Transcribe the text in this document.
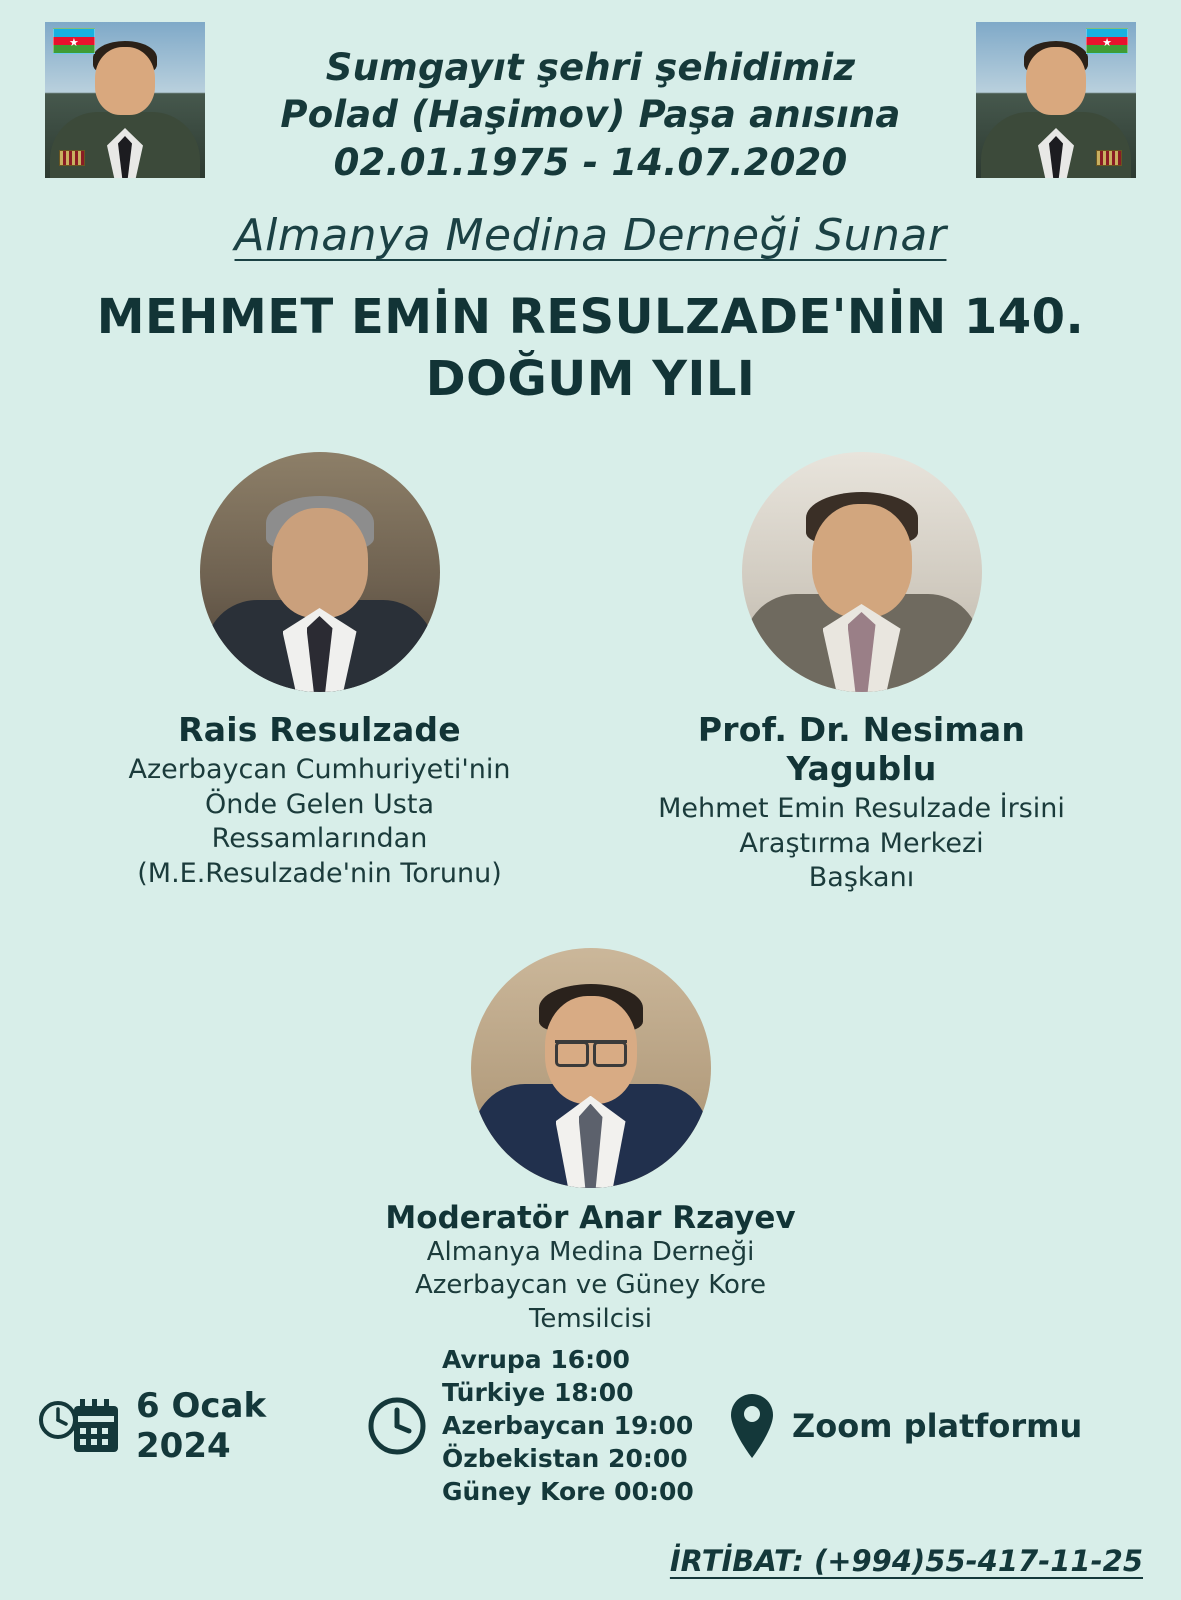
★
Sumgayıt şehri şehidimiz
Polad (Haşimov) Paşa anısına
02.01.1975 - 14.07.2020
★
Almanya Medina Derneği Sunar
MEHMET EMİN RESULZADE'NİN 140. DOĞUM YILI
Rais Resulzade
Azerbaycan Cumhuriyeti'nin
Önde Gelen Usta Ressamlarından
(M.E.Resulzade'nin Torunu)
Prof. Dr. Nesiman Yagublu
Mehmet Emin Resulzade İrsini
Araştırma Merkezi
Başkanı
Moderatör Anar Rzayev
Almanya Medina Derneği
Azerbaycan ve Güney Kore
Temsilcisi
6 Ocak 2024
Avrupa 16:00
Türkiye 18:00
Azerbaycan 19:00
Özbekistan 20:00
Güney Kore 00:00
Zoom platformu
İRTİBAT: (+994)55-417-11-25
